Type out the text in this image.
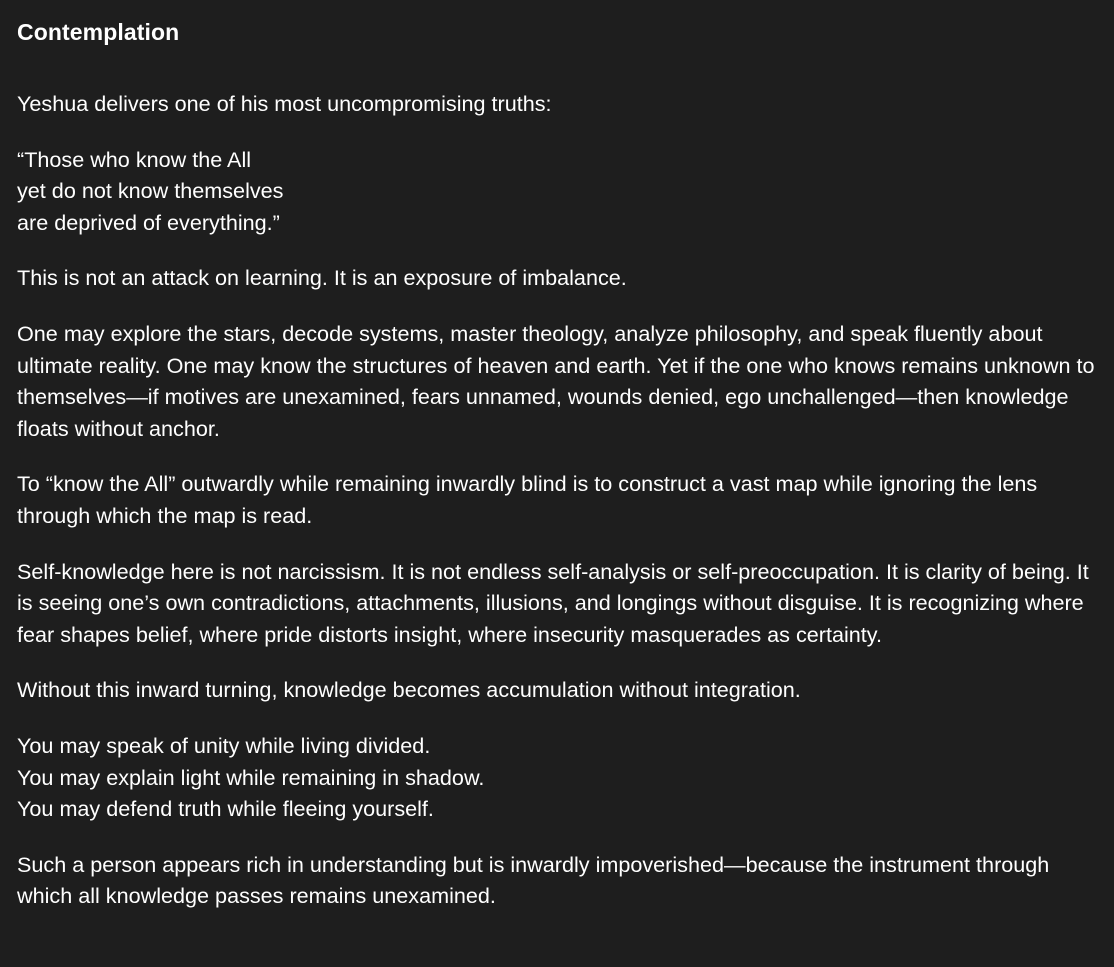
Contemplation

Yeshua delivers one of his most uncompromising truths:

“Those who know the All
yet do not know themselves
are deprived of everything.”

This is not an attack on learning. It is an exposure of imbalance.

One may explore the stars, decode systems, master theology, analyze philosophy, and speak fluently about ultimate reality. One may know the structures of heaven and earth. Yet if the one who knows remains unknown to themselves—if motives are unexamined, fears unnamed, wounds denied, ego unchallenged—then knowledge floats without anchor.

To “know the All” outwardly while remaining inwardly blind is to construct a vast map while ignoring the lens through which the map is read.

Self-knowledge here is not narcissism. It is not endless self-analysis or self-preoccupation. It is clarity of being. It is seeing one’s own contradictions, attachments, illusions, and longings without disguise. It is recognizing where fear shapes belief, where pride distorts insight, where insecurity masquerades as certainty.

Without this inward turning, knowledge becomes accumulation without integration.

You may speak of unity while living divided.
You may explain light while remaining in shadow.
You may defend truth while fleeing yourself.

Such a person appears rich in understanding but is inwardly impoverished—because the instrument through which all knowledge passes remains unexamined.
